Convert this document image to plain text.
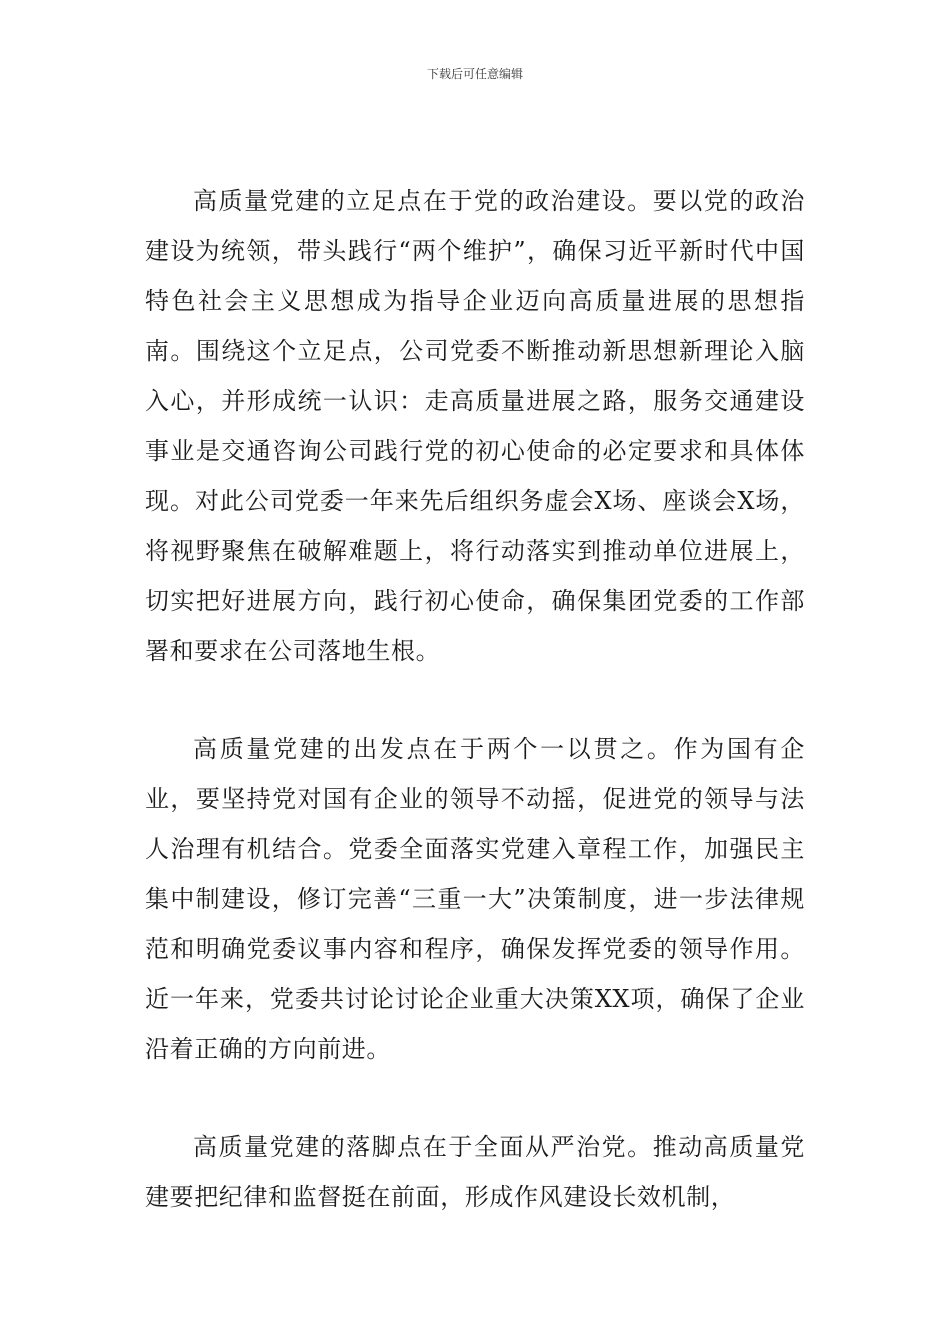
下载后可任意编辑

高质量党建的立足点在于党的政治建设。要以党的政治建设为统领，带头践行“两个维护”，确保习近平新时代中国特色社会主义思想成为指导企业迈向高质量进展的思想指南。围绕这个立足点，公司党委不断推动新思想新理论入脑入心，并形成统一认识：走高质量进展之路，服务交通建设事业是交通咨询公司践行党的初心使命的必定要求和具体体现。对此公司党委一年来先后组织务虚会X场、座谈会X场，将视野聚焦在破解难题上，将行动落实到推动单位进展上，切实把好进展方向，践行初心使命，确保集团党委的工作部署和要求在公司落地生根。

高质量党建的出发点在于两个一以贯之。作为国有企业，要坚持党对国有企业的领导不动摇，促进党的领导与法人治理有机结合。党委全面落实党建入章程工作，加强民主集中制建设，修订完善“三重一大”决策制度，进一步法律规范和明确党委议事内容和程序，确保发挥党委的领导作用。近一年来，党委共讨论讨论企业重大决策XX项，确保了企业沿着正确的方向前进。

高质量党建的落脚点在于全面从严治党。推动高质量党建要把纪律和监督挺在前面，形成作风建设长效机制，
